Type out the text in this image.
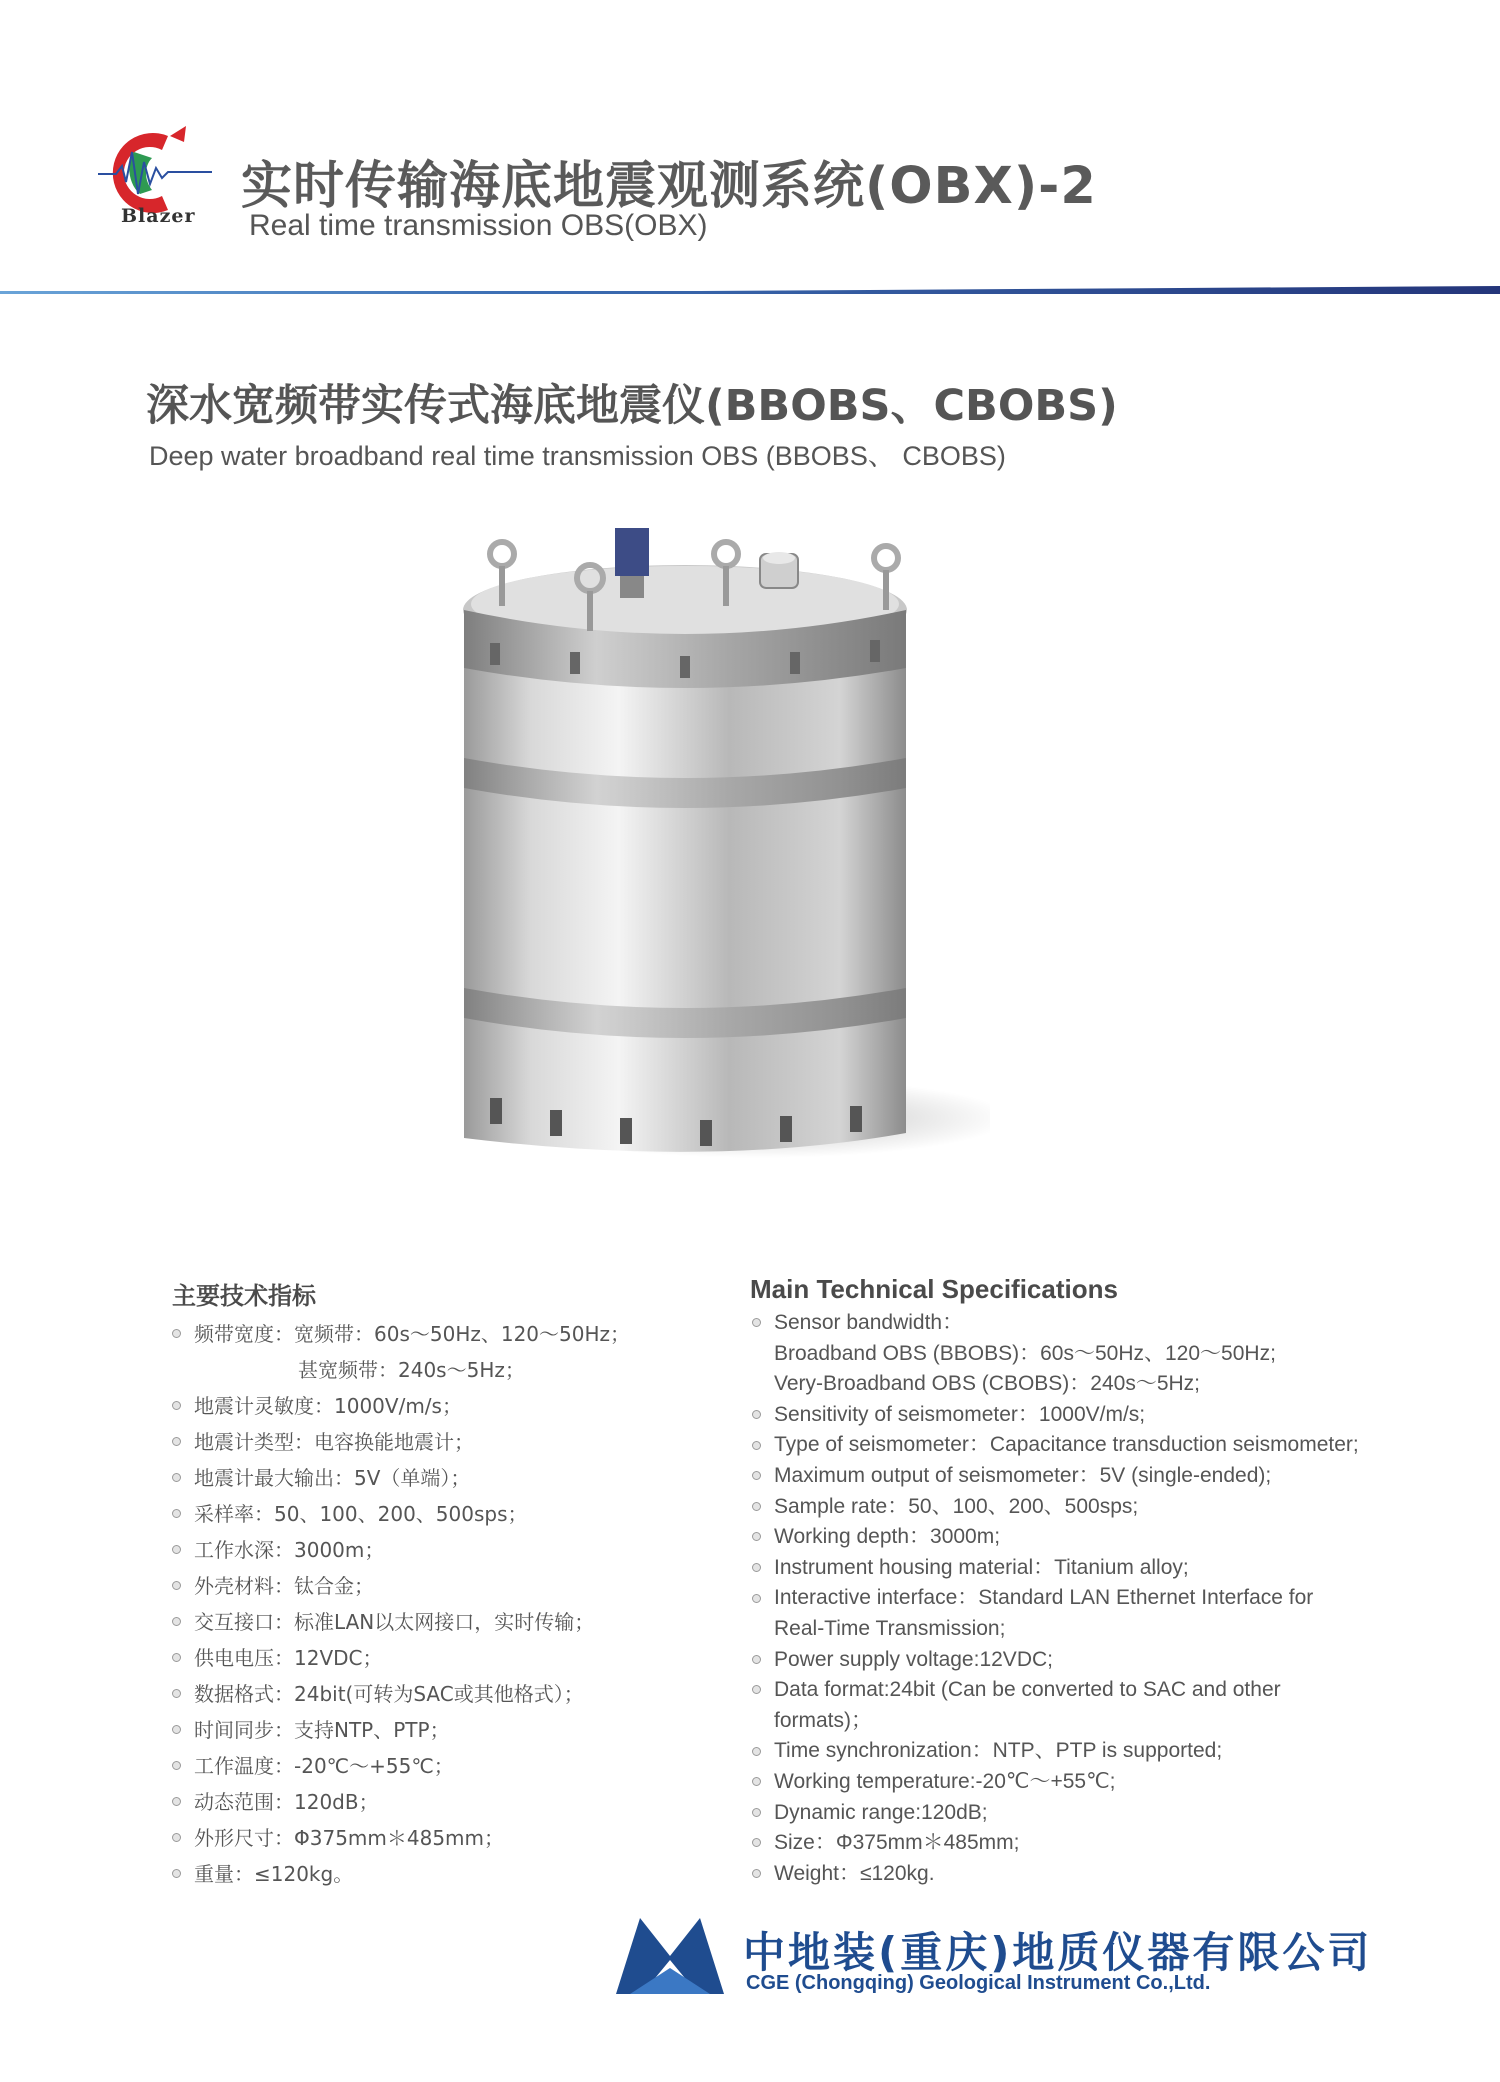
Blazer 实时传输海底地震观测系统(OBX)-2
Real time transmission OBS(OBX)
深水宽频带实传式海底地震仪(BBOBS、CBOBS)
Deep water broadband real time transmission OBS (BBOBS、 CBOBS)
主要技术指标
频带宽度：宽频带：60s～50Hz、120～50Hz；
甚宽频带：240s～5Hz；
地震计灵敏度：1000V/m/s；
地震计类型：电容换能地震计；
地震计最大输出：5V（单端）；
采样率：50、100、200、500sps；
工作水深：3000m；
外壳材料：钛合金；
交互接口：标准LAN以太网接口，实时传输；
供电电压：12VDC；
数据格式：24bit(可转为SAC或其他格式）；
时间同步：支持NTP、PTP；
工作温度：-20℃～+55℃；
动态范围：120dB；
外形尺寸：Φ375mm＊485mm；
重量：≤120kg。
Main Technical Specifications
Sensor bandwidth：
Broadband OBS (BBOBS)：60s～50Hz、120～50Hz;
Very-Broadband OBS (CBOBS)：240s～5Hz;
Sensitivity of seismometer：1000V/m/s;
Type of seismometer：Capacitance transduction seismometer;
Maximum output of seismometer：5V (single-ended);
Sample rate：50、100、200、500sps;
Working depth：3000m;
Instrument housing material：Titanium alloy;
Interactive interface：Standard LAN Ethernet Interface for
Real-Time Transmission;
Power supply voltage:12VDC;
Data format:24bit (Can be converted to SAC and other
formats)；
Time synchronization：NTP、PTP is supported;
Working temperature:-20℃～+55℃;
Dynamic range:120dB;
Size：Φ375mm＊485mm;
Weight：≤120kg.
中地装(重庆)地质仪器有限公司
CGE (Chongqing) Geological Instrument Co.,Ltd.
